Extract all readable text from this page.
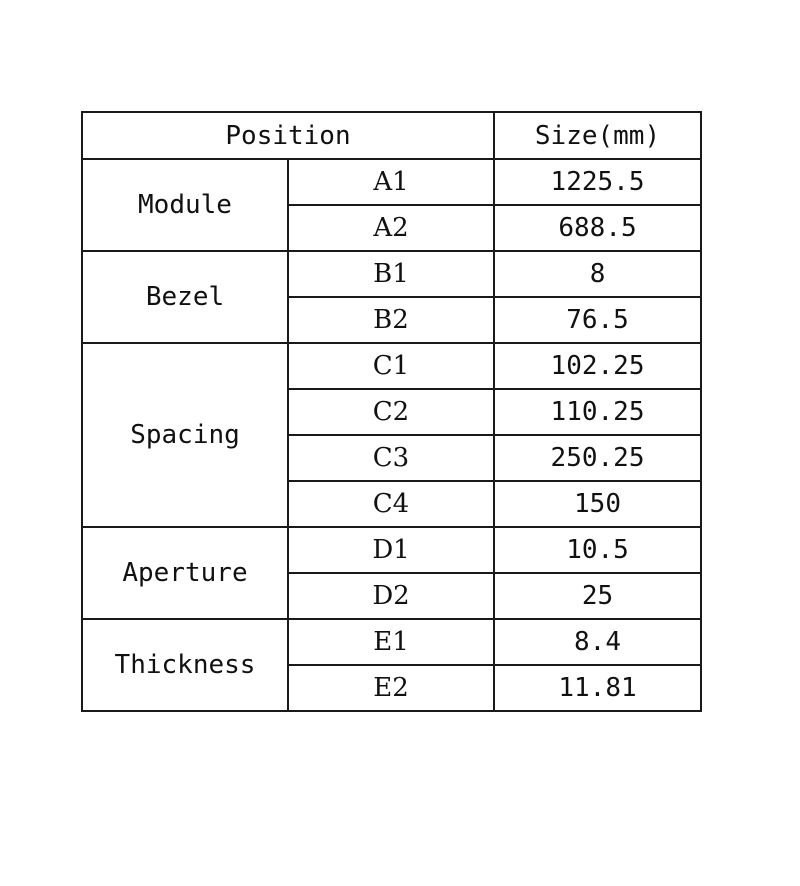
Position		Size(mm)
Module	A1	1225.5
	A2	688.5
Bezel	B1	8
	B2	76.5
Spacing	C1	102.25
	C2	110.25
	C3	250.25
	C4	150
Aperture	D1	10.5
	D2	25
Thickness	E1	8.4
	E2	11.81
